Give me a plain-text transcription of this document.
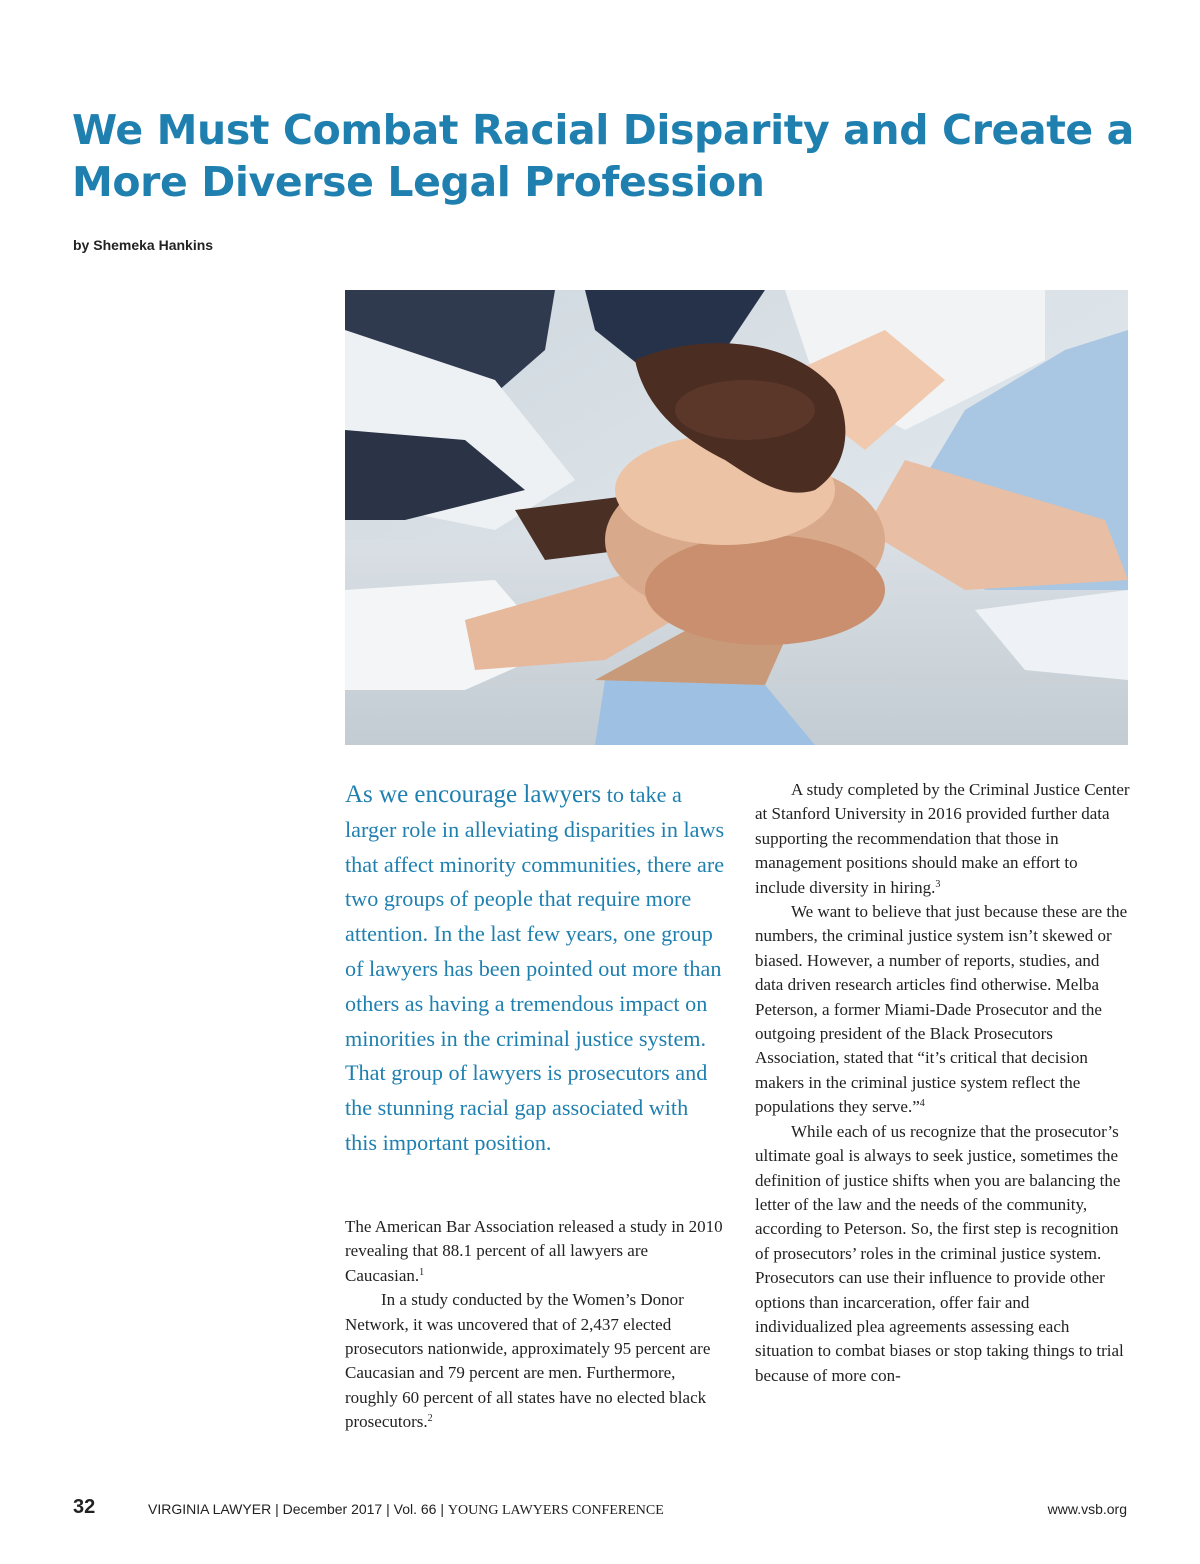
We Must Combat Racial Disparity and Create a More Diverse Legal Profession
by Shemeka Hankins

As we encourage lawyers to take a larger role in alleviating disparities in laws that affect minority communities, there are two groups of people that require more attention. In the last few years, one group of lawyers has been pointed out more than others as having a tremendous impact on minorities in the criminal justice system. That group of lawyers is prosecutors and the stunning racial gap associated with this important position.

The American Bar Association released a study in 2010 revealing that 88.1 percent of all lawyers are Caucasian.$^1$

In a study conducted by the Women’s Donor Network, it was uncovered that of 2,437 elected prosecutors nationwide, approximately 95 percent are Caucasian and 79 percent are men. Furthermore, roughly 60 percent of all states have no elected black prosecutors.$^2$

A study completed by the Criminal Justice Center at Stanford University in 2016 provided further data supporting the recommendation that those in management positions should make an effort to include diversity in hiring.$^3$

We want to believe that just because these are the numbers, the criminal justice system isn’t skewed or biased. However, a number of reports, studies, and data driven research articles find otherwise. Melba Peterson, a former Miami-Dade Prosecutor and the outgoing president of the Black Prosecutors Association, stated that “it’s critical that decision makers in the criminal justice system reflect the populations they serve.”$^4$

While each of us recognize that the prosecutor’s ultimate goal is always to seek justice, sometimes the definition of justice shifts when you are balancing the letter of the law and the needs of the community, according to Peterson. So, the first step is recognition of prosecutors’ roles in the criminal justice system. Prosecutors can use their influence to provide other options than incarceration, offer fair and individualized plea agreements assessing each situation to combat biases or stop taking things to trial because of more con-

32	VIRGINIA LAWYER | December 2017 | Vol. 66 | YOUNG LAWYERS CONFERENCE	www.vsb.org
